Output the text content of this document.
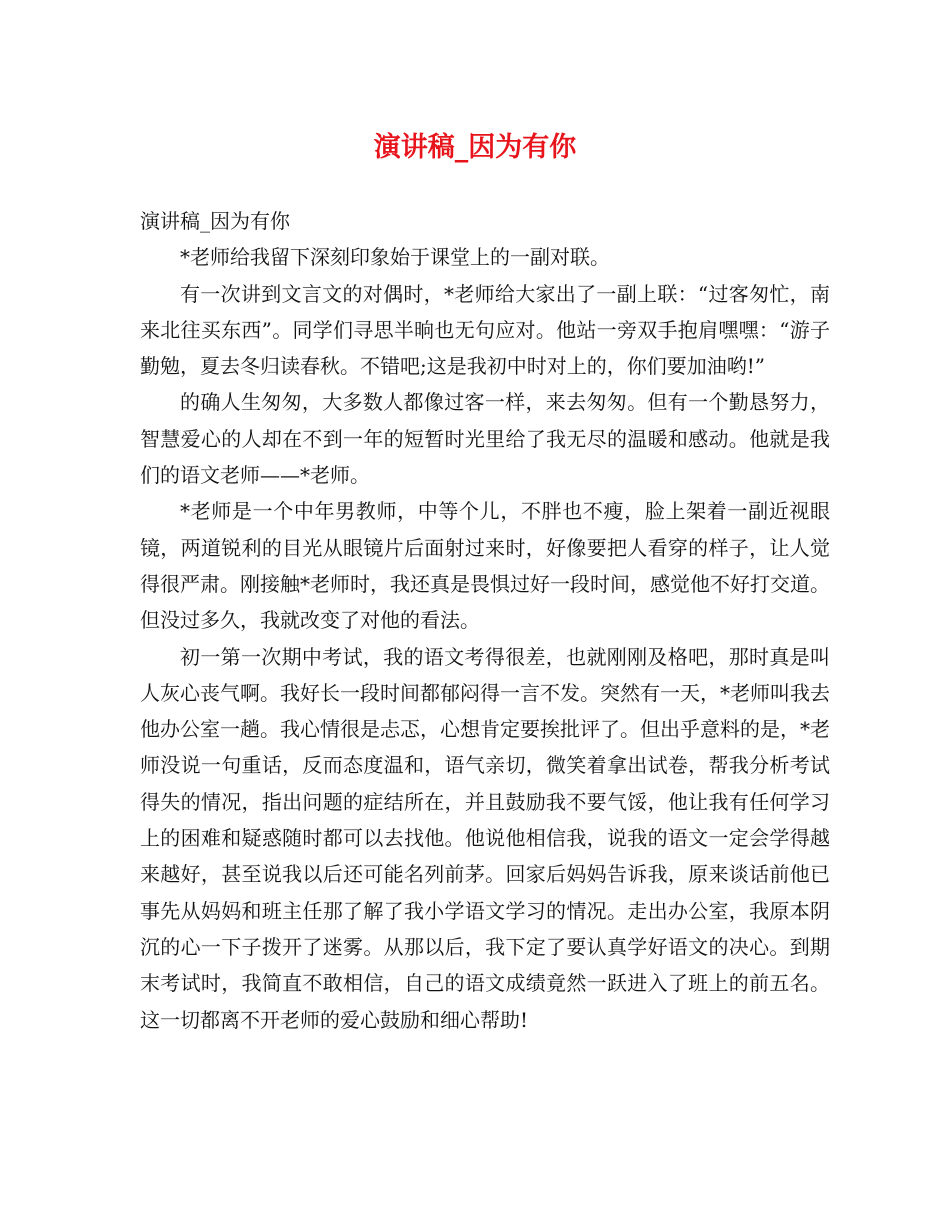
演讲稿_因为有你

演讲稿_因为有你

*老师给我留下深刻印象始于课堂上的一副对联。

有一次讲到文言文的对偶时，*老师给大家出了一副上联：“过客匆忙，南来北往买东西”。同学们寻思半晌也无句应对。他站一旁双手抱肩嘿嘿：“游子勤勉，夏去冬归读春秋。不错吧;这是我初中时对上的，你们要加油哟!”

的确人生匆匆，大多数人都像过客一样，来去匆匆。但有一个勤恳努力，智慧爱心的人却在不到一年的短暂时光里给了我无尽的温暖和感动。他就是我们的语文老师——*老师。

*老师是一个中年男教师，中等个儿，不胖也不瘦，脸上架着一副近视眼镜，两道锐利的目光从眼镜片后面射过来时，好像要把人看穿的样子，让人觉得很严肃。刚接触*老师时，我还真是畏惧过好一段时间，感觉他不好打交道。但没过多久，我就改变了对他的看法。

初一第一次期中考试，我的语文考得很差，也就刚刚及格吧，那时真是叫人灰心丧气啊。我好长一段时间都郁闷得一言不发。突然有一天，*老师叫我去他办公室一趟。我心情很是忐忑，心想肯定要挨批评了。但出乎意料的是，*老师没说一句重话，反而态度温和，语气亲切，微笑着拿出试卷，帮我分析考试得失的情况，指出问题的症结所在，并且鼓励我不要气馁，他让我有任何学习上的困难和疑惑随时都可以去找他。他说他相信我，说我的语文一定会学得越来越好，甚至说我以后还可能名列前茅。回家后妈妈告诉我，原来谈话前他已事先从妈妈和班主任那了解了我小学语文学习的情况。走出办公室，我原本阴沉的心一下子拨开了迷雾。从那以后，我下定了要认真学好语文的决心。到期末考试时，我简直不敢相信，自己的语文成绩竟然一跃进入了班上的前五名。这一切都离不开老师的爱心鼓励和细心帮助!
